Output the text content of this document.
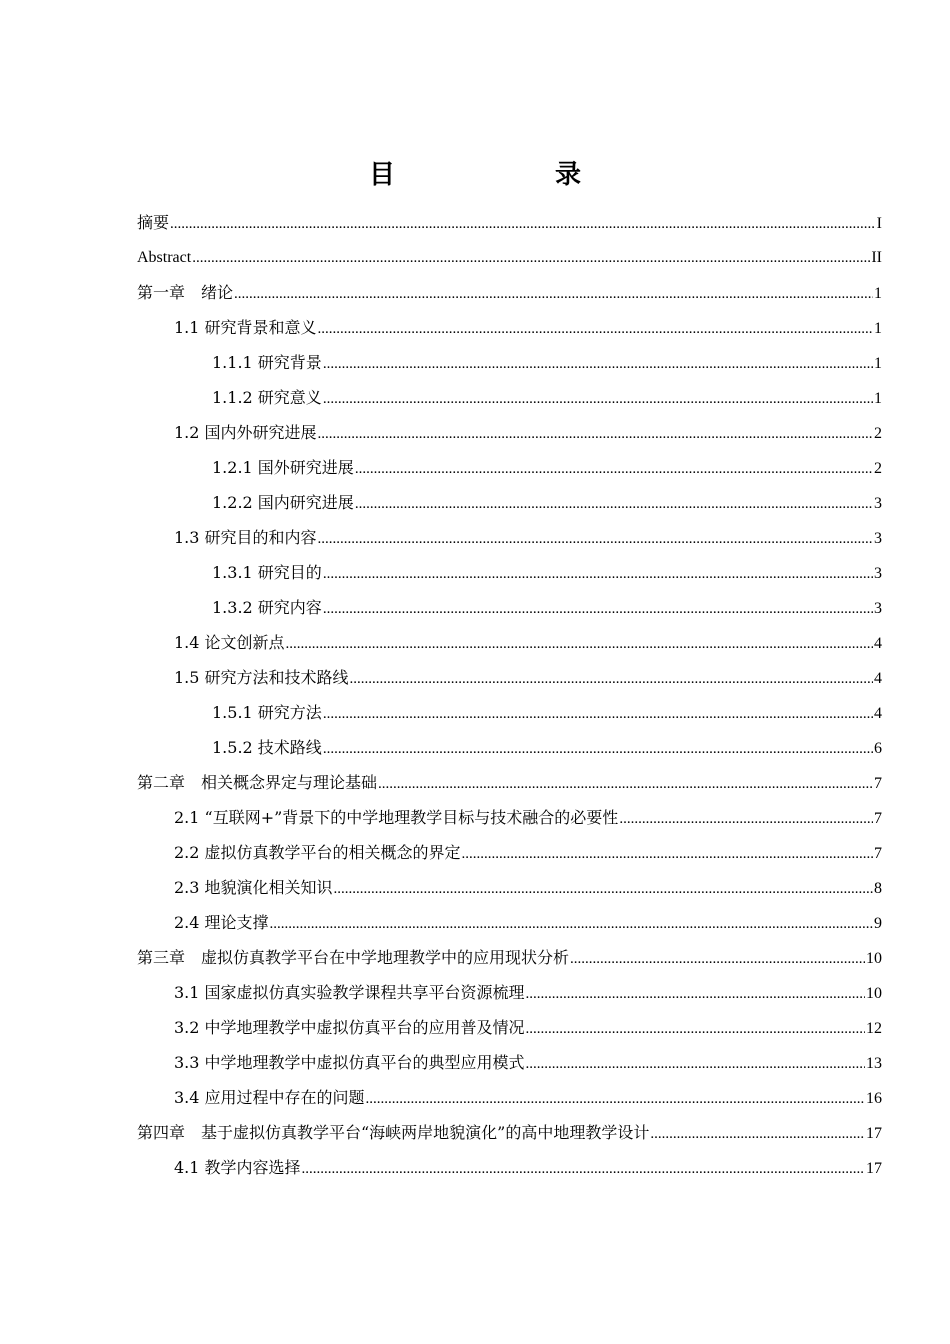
目　　录
摘要 .....	I
Abstract .....	II
第一章　绪论 .....	1
1.1 研究背景和意义 .....	1
1.1.1 研究背景 .....	1
1.1.2 研究意义 .....	1
1.2 国内外研究进展 .....	2
1.2.1 国外研究进展 .....	2
1.2.2 国内研究进展 .....	3
1.3 研究目的和内容 .....	3
1.3.1 研究目的 .....	3
1.3.2 研究内容 .....	3
1.4 论文创新点 .....	4
1.5 研究方法和技术路线 .....	4
1.5.1 研究方法 .....	4
1.5.2 技术路线 .....	6
第二章　相关概念界定与理论基础 .....	7
2.1 “互联网+”背景下的中学地理教学目标与技术融合的必要性 .....	7
2.2 虚拟仿真教学平台的相关概念的界定 .....	7
2.3 地貌演化相关知识 .....	8
2.4 理论支撑 .....	9
第三章　虚拟仿真教学平台在中学地理教学中的应用现状分析 .....	10
3.1 国家虚拟仿真实验教学课程共享平台资源梳理 .....	10
3.2 中学地理教学中虚拟仿真平台的应用普及情况 .....	12
3.3 中学地理教学中虚拟仿真平台的典型应用模式 .....	13
3.4 应用过程中存在的问题 .....	16
第四章　基于虚拟仿真教学平台“海峡两岸地貌演化”的高中地理教学设计 .....	17
4.1 教学内容选择 .....	17
